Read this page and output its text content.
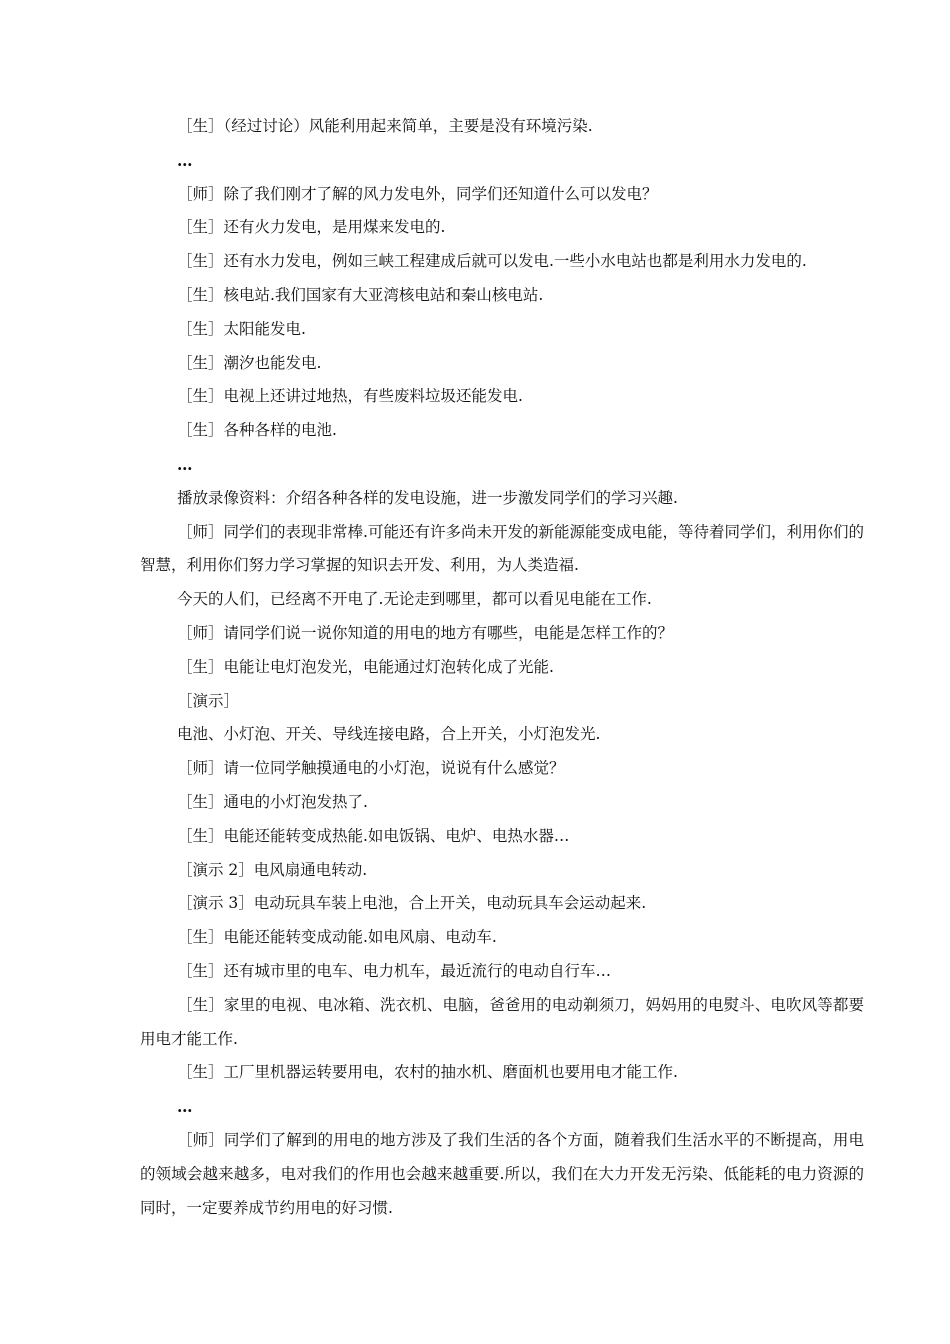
［生］（经过讨论）风能利用起来简单，主要是没有环境污染.

…

［师］除了我们刚才了解的风力发电外，同学们还知道什么可以发电？

［生］还有火力发电，是用煤来发电的.

［生］还有水力发电，例如三峡工程建成后就可以发电.一些小水电站也都是利用水力发电的.

［生］核电站.我们国家有大亚湾核电站和秦山核电站.

［生］太阳能发电.

［生］潮汐也能发电.

［生］电视上还讲过地热，有些废料垃圾还能发电.

［生］各种各样的电池.

…

播放录像资料：介绍各种各样的发电设施，进一步激发同学们的学习兴趣.

［师］同学们的表现非常棒.可能还有许多尚未开发的新能源能变成电能，等待着同学们，利用你们的智慧，利用你们努力学习掌握的知识去开发、利用，为人类造福.

今天的人们，已经离不开电了.无论走到哪里，都可以看见电能在工作.

［师］请同学们说一说你知道的用电的地方有哪些，电能是怎样工作的？

［生］电能让电灯泡发光，电能通过灯泡转化成了光能.

［演示］

电池、小灯泡、开关、导线连接电路，合上开关，小灯泡发光.

［师］请一位同学触摸通电的小灯泡，说说有什么感觉？

［生］通电的小灯泡发热了.

［生］电能还能转变成热能.如电饭锅、电炉、电热水器…

［演示 2］电风扇通电转动.

［演示 3］电动玩具车装上电池，合上开关，电动玩具车会运动起来.

［生］电能还能转变成动能.如电风扇、电动车.

［生］还有城市里的电车、电力机车，最近流行的电动自行车…

［生］家里的电视、电冰箱、洗衣机、电脑，爸爸用的电动剃须刀，妈妈用的电熨斗、电吹风等都要用电才能工作.

［生］工厂里机器运转要用电，农村的抽水机、磨面机也要用电才能工作.

…

［师］同学们了解到的用电的地方涉及了我们生活的各个方面，随着我们生活水平的不断提高，用电的领域会越来越多，电对我们的作用也会越来越重要.所以，我们在大力开发无污染、低能耗的电力资源的同时，一定要养成节约用电的好习惯.
